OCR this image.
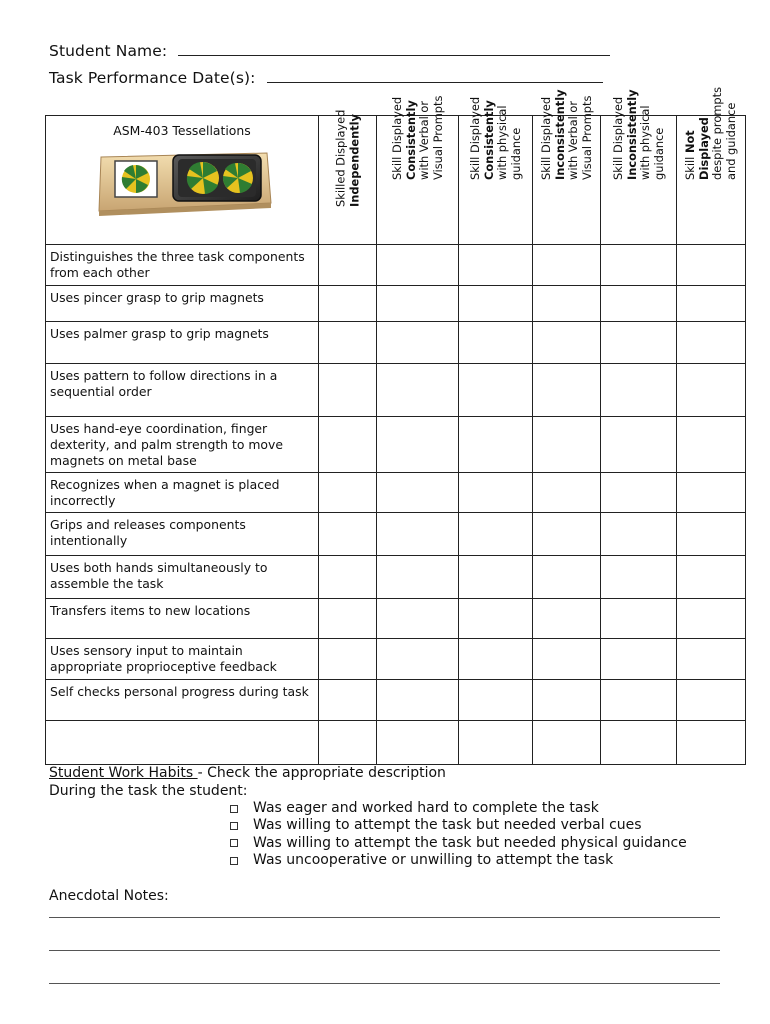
Student Name:
Task Performance Date(s):
ASM-403 Tessellations	Skilled Displayed Independently	Skill Displayed Consistently with Verbal or Visual Prompts	Skill Displayed Consistently with physical guidance	Skill Displayed Inconsistently with Verbal or Visual Prompts	Skill Displayed Inconsistently with physical guidance	Skill Not Displayed despite prompts and guidance

Distinguishes the three task components from each other						
Uses pincer grasp to grip magnets						
Uses palmer grasp to grip magnets						
Uses pattern to follow directions in a sequential order						
Uses hand-eye coordination, finger dexterity, and palm strength to move magnets on metal base						
Recognizes when a magnet is placed incorrectly						
Grips and releases components intentionally						
Uses both hands simultaneously to assemble the task						
Transfers items to new locations						
Uses sensory input to maintain appropriate proprioceptive feedback						
Self checks personal progress during task						

Student Work Habits - Check the appropriate description
During the task the student:
Was eager and worked hard to complete the task
Was willing to attempt the task but needed verbal cues
Was willing to attempt the task but needed physical guidance
Was uncooperative or unwilling to attempt the task
Anecdotal Notes:
